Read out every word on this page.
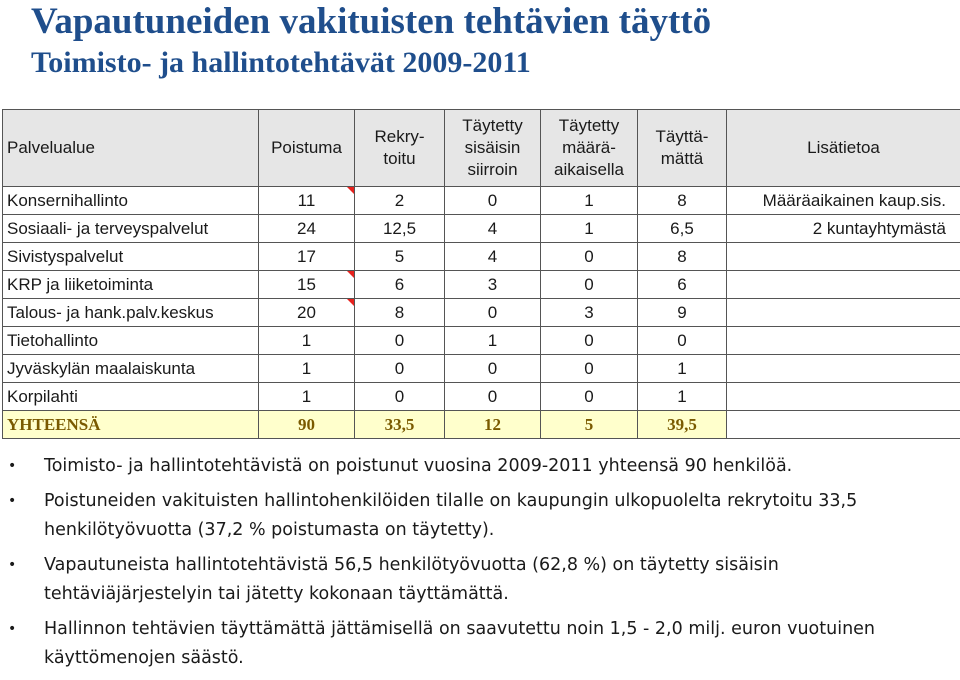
Vapautuneiden vakituisten tehtävien täyttö
Toimisto- ja hallintotehtävät 2009-2011
Palvelualue	Poistuma	Rekry-toitu	Täytetty sisäisin siirroin	Täytetty määrä-aikaisella	Täyttä-mättä	Lisätietoa
Konsernihallinto	11	2	0	1	8	Määräaikainen kaup.sis.
Sosiaali- ja terveyspalvelut	24	12,5	4	1	6,5	2 kuntayhtymästä
Sivistyspalvelut	17	5	4	0	8	
KRP ja liiketoiminta	15	6	3	0	6	
Talous- ja hank.palv.keskus	20	8	0	3	9	
Tietohallinto	1	0	1	0	0	
Jyväskylän maalaiskunta	1	0	0	0	1	
Korpilahti	1	0	0	0	1	
YHTEENSÄ	90	33,5	12	5	39,5	
• Toimisto- ja hallintotehtävistä on poistunut vuosina 2009-2011 yhteensä 90 henkilöä.
• Poistuneiden vakituisten hallintohenkilöiden tilalle on kaupungin ulkopuolelta rekrytoitu 33,5 henkilötyövuotta (37,2 % poistumasta on täytetty).
• Vapautuneista hallintotehtävistä 56,5 henkilötyövuotta (62,8 %) on täytetty sisäisin tehtäviäjärjestelyin tai jätetty kokonaan täyttämättä.
• Hallinnon tehtävien täyttämättä jättämisellä on saavutettu noin 1,5 - 2,0 milj. euron vuotuinen käyttömenojen säästö.
